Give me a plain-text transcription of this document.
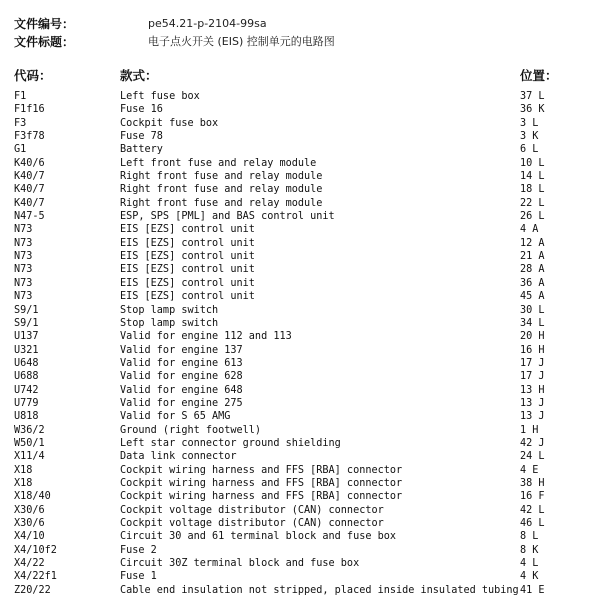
文件编号：	pe54.21-p-2104-99sa
文件标题：	电子点火开关 (EIS) 控制单元的电路图
代码：	款式：	位置：
F1	Left fuse box	37 L
F1f16	Fuse 16	36 K
F3	Cockpit fuse box	3 L
F3f78	Fuse 78	3 K
G1	Battery	6 L
K40/6	Left front fuse and relay module	10 L
K40/7	Right front fuse and relay module	14 L
K40/7	Right front fuse and relay module	18 L
K40/7	Right front fuse and relay module	22 L
N47-5	ESP, SPS [PML] and BAS control unit	26 L
N73	EIS [EZS] control unit	4 A
N73	EIS [EZS] control unit	12 A
N73	EIS [EZS] control unit	21 A
N73	EIS [EZS] control unit	28 A
N73	EIS [EZS] control unit	36 A
N73	EIS [EZS] control unit	45 A
S9/1	Stop lamp switch	30 L
S9/1	Stop lamp switch	34 L
U137	Valid for engine 112 and 113	20 H
U321	Valid for engine 137	16 H
U648	Valid for engine 613	17 J
U688	Valid for engine 628	17 J
U742	Valid for engine 648	13 H
U779	Valid for engine 275	13 J
U818	Valid for S 65 AMG	13 J
W36/2	Ground (right footwell)	1 H
W50/1	Left star connector ground shielding	42 J
X11/4	Data link connector	24 L
X18	Cockpit wiring harness and FFS [RBA] connector	4 E
X18	Cockpit wiring harness and FFS [RBA] connector	38 H
X18/40	Cockpit wiring harness and FFS [RBA] connector	16 F
X30/6	Cockpit voltage distributor (CAN) connector	42 L
X30/6	Cockpit voltage distributor (CAN) connector	46 L
X4/10	Circuit 30 and 61 terminal block and fuse box	8 L
X4/10f2	Fuse 2	8 K
X4/22	Circuit 30Z terminal block and fuse box	4 L
X4/22f1	Fuse 1	4 K
Z20/22	Cable end insulation not stripped, placed inside insulated tubing 41 E
